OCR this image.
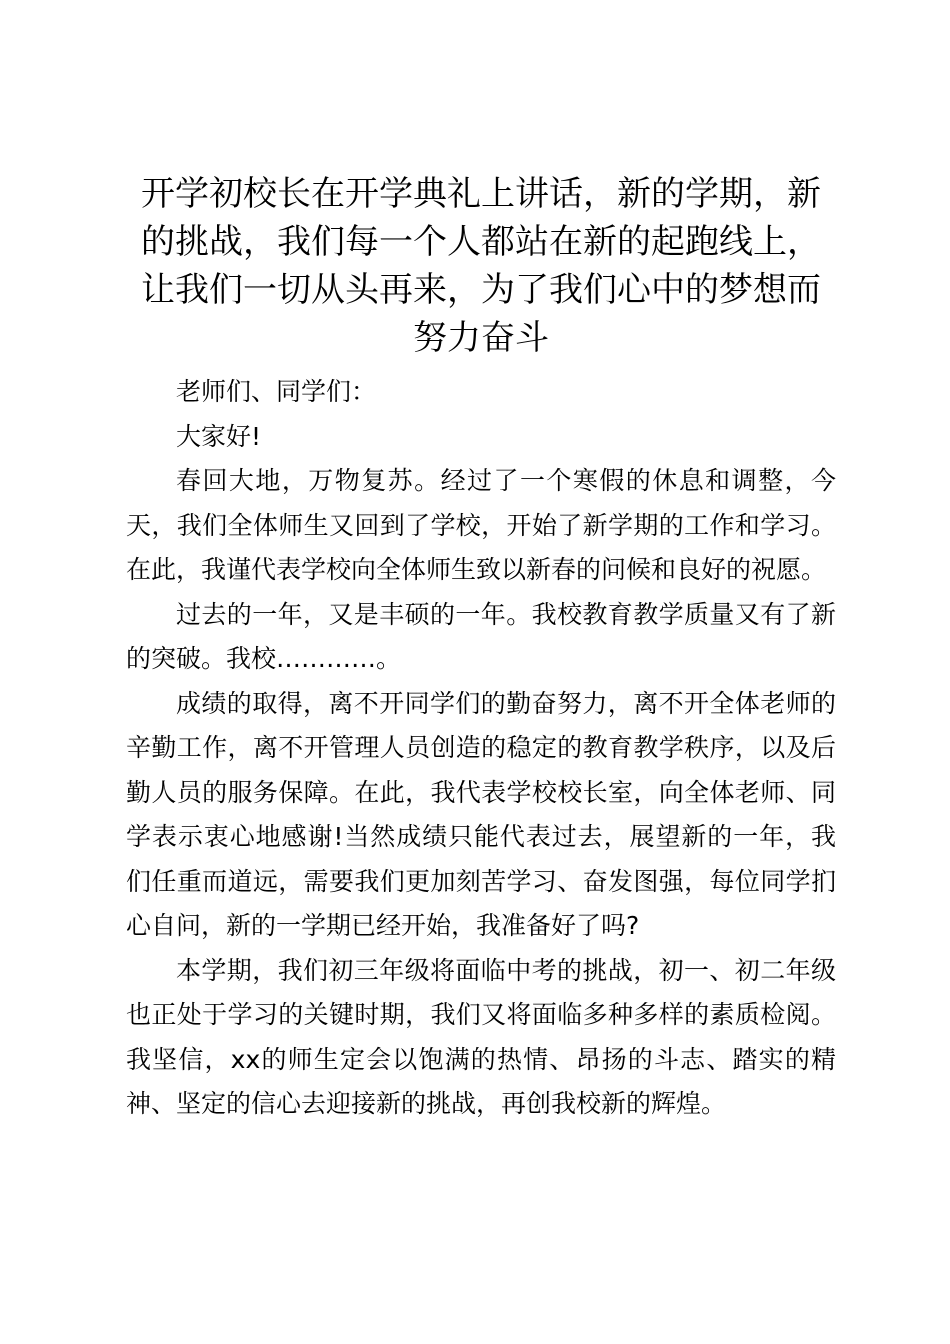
开学初校长在开学典礼上讲话，新的学期，新的挑战，我们每一个人都站在新的起跑线上，让我们一切从头再来，为了我们心中的梦想而努力奋斗

老师们、同学们：

大家好!

春回大地，万物复苏。经过了一个寒假的休息和调整，今天，我们全体师生又回到了学校，开始了新学期的工作和学习。在此，我谨代表学校向全体师生致以新春的问候和良好的祝愿。

过去的一年，又是丰硕的一年。我校教育教学质量又有了新的突破。我校…………。

成绩的取得，离不开同学们的勤奋努力，离不开全体老师的辛勤工作，离不开管理人员创造的稳定的教育教学秩序，以及后勤人员的服务保障。在此，我代表学校校长室，向全体老师、同学表示衷心地感谢!当然成绩只能代表过去，展望新的一年，我们任重而道远，需要我们更加刻苦学习、奋发图强，每位同学扪心自问，新的一学期已经开始，我准备好了吗?

本学期，我们初三年级将面临中考的挑战，初一、初二年级也正处于学习的关键时期，我们又将面临多种多样的素质检阅。我坚信，xx的师生定会以饱满的热情、昂扬的斗志、踏实的精神、坚定的信心去迎接新的挑战，再创我校新的辉煌。
